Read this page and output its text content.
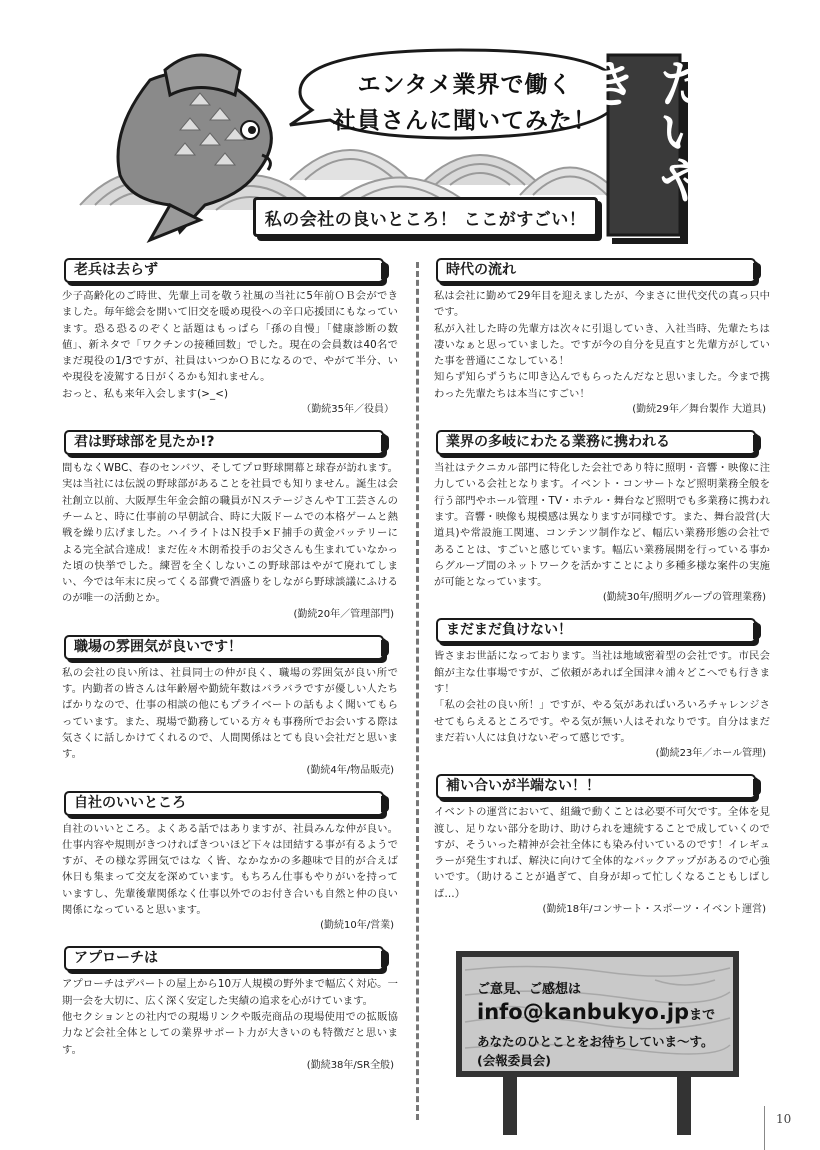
エンタメ業界で働く
社員さんに聞いてみた！
私の会社の良いところ！ ここがすごい！
老兵は去らず

少子高齢化のご時世、先輩上司を敬う社風の当社に5年前ＯＢ会ができました。毎年総会を開いて旧交を暖め現役への辛口応援団にもなっています。恐る恐るのぞくと話題はもっぱら「孫の自慢」「健康診断の数値」、新ネタで「ワクチンの接種回数」でした。現在の会員数は40名でまだ現役の1/3ですが、社員はいつかＯＢになるので、やがて半分、いや現役を凌駕する日がくるかも知れません。

おっと、私も来年入会します(>_<)

（勤続35年／役員）
君は野球部を見たか!?

間もなくWBC、春のセンバツ、そしてプロ野球開幕と球春が訪れます。実は当社には伝説の野球部があることを社員でも知りません。誕生は会社創立以前、大阪厚生年金会館の職員がＮステージさんやＴ工芸さんのチームと、時に仕事前の早朝試合、時に大阪ドームでの本格ゲームと熱戦を繰り広げました。ハイライトはＮ投手×Ｆ捕手の黄金バッテリーによる完全試合達成！まだ佐々木朗希投手のお父さんも生まれていなかった頃の快挙でした。練習を全くしないこの野球部はやがて廃れてしまい、今では年末に戻ってくる部費で酒盛りをしながら野球談議にふけるのが唯一の活動とか。

(勤続20年／管理部門)
職場の雰囲気が良いです！

私の会社の良い所は、社員同士の仲が良く、職場の雰囲気が良い所です。内勤者の皆さんは年齢層や勤続年数はバラバラですが優しい人たちばかりなので、仕事の相談の他にもプライベートの話もよく聞いてもらっています。また、現場で勤務している方々も事務所でお会いする際は気さくに話しかけてくれるので、人間関係はとても良い会社だと思います。

(勤続4年/物品販売)
自社のいいところ

自社のいいところ。よくある話ではありますが、社員みんな仲が良い。仕事内容や規則がきつければきついほど下々は団結する事が有るようですが、その様な雰囲気ではな く皆、なかなかの多趣味で目的が合えば休日も集まって交友を深めています。もちろん仕事もやりがいを持っていますし、先輩後輩関係なく仕事以外でのお付き合いも自然と仲の良い関係になっていると思います。

(勤続10年/営業)
アプローチは

アプローチはデパートの屋上から10万人規模の野外まで幅広く対応。一期一会を大切に、広く深く安定した実績の追求を心がけています。

他セクションとの社内での現場リンクや販売商品の現場使用での拡販協力など会社全体としての業界サポート力が大きいのも特徴だと思います。

(勤続38年/SR全般)
時代の流れ

私は会社に勤めて29年目を迎えましたが、今まさに世代交代の真っ只中です。

私が入社した時の先輩方は次々に引退していき、入社当時、先輩たちは凄いなぁと思っていました。ですが今の自分を見直すと先輩方がしていた事を普通にこなしている！

知らず知らずうちに叩き込んでもらったんだなと思いました。今まで携わった先輩たちは本当にすごい！

(勤続29年／舞台製作 大道具)
業界の多岐にわたる業務に携われる

当社はテクニカル部門に特化した会社であり特に照明・音響・映像に注力している会社となります。イベント・コンサートなど照明業務全般を行う部門やホール管理・TV・ホテル・舞台など照明でも多業務に携われます。音響・映像も規模感は異なりますが同様です。また、舞台設営(大道具)や常設施工関連、コンテンツ制作など、幅広い業務形態の会社であることは、すごいと感じています。幅広い業務展開を行っている事からグループ間のネットワークを活かすことにより多種多様な案件の実施が可能となっています。

(勤続30年/照明グループの管理業務)
まだまだ負けない！

皆さまお世話になっております。当社は地域密着型の会社です。市民会館が主な仕事場ですが、ご依頼があれば全国津々浦々どこへでも行きます！

「私の会社の良い所！」ですが、やる気があればいろいろチャレンジさせてもらえるところです。やる気が無い人はそれなりです。自分はまだまだ若い人には負けないぞって感じです。

(勤続23年／ホール管理)
補い合いが半端ない！！

イベントの運営において、組織で動くことは必要不可欠です。全体を見渡し、足りない部分を助け、助けられを連続することで成していくのですが、そういった精神が会社全体にも染み付いているのです！イレギュラーが発生すれば、解決に向けて全体的なバックアップがあるので心強いです。（助けることが過ぎて、自身が却って忙しくなることもしばしば…）

(勤続18年/コンサート・スポーツ・イベント運営)
ご意見、ご感想は
info@kanbukyo.jpまで
あなたのひとことをお待ちしていま～す。
(会報委員会)
10
